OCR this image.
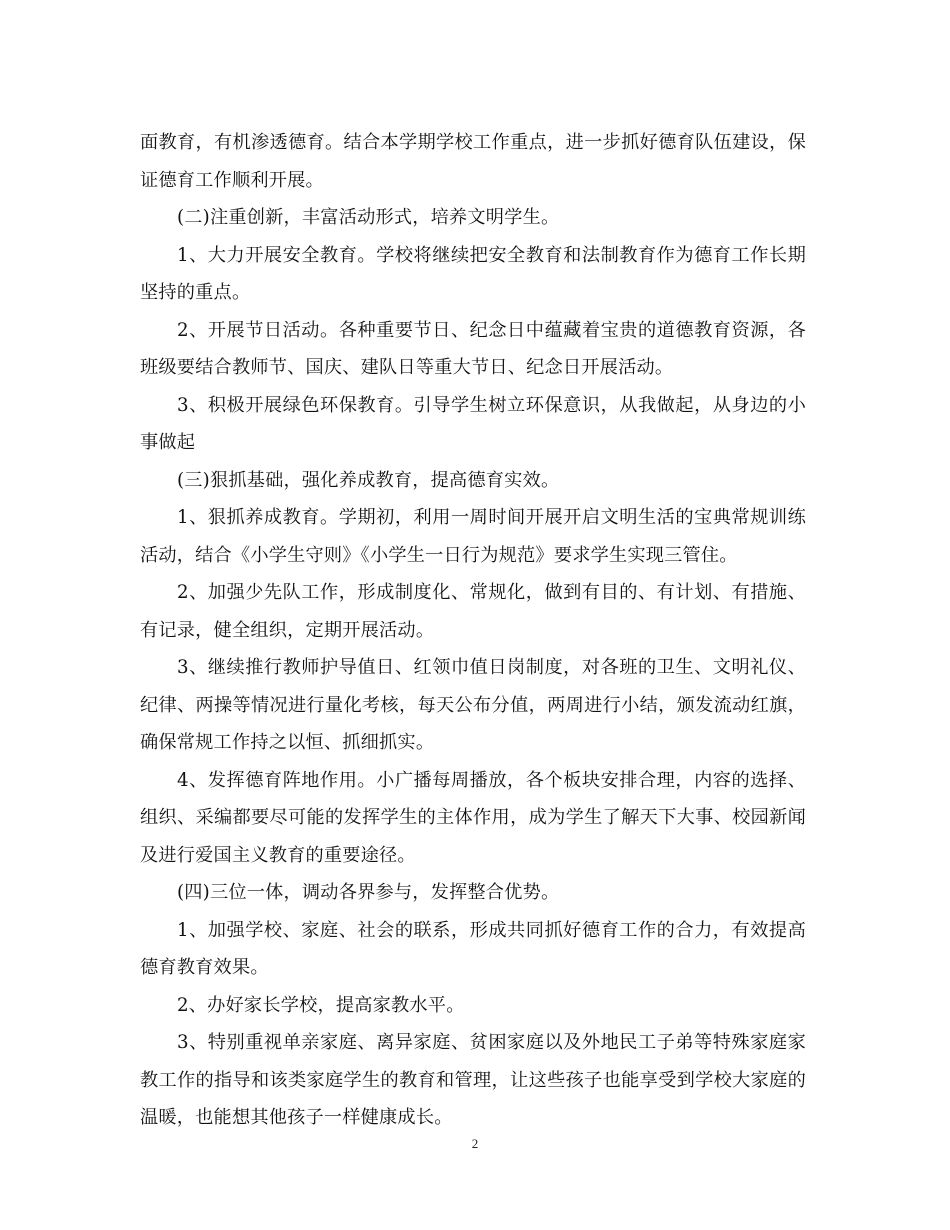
面教育，有机渗透德育。结合本学期学校工作重点，进一步抓好德育队伍建设，保证德育工作顺利开展。

(二)注重创新，丰富活动形式，培养文明学生。

1、大力开展安全教育。学校将继续把安全教育和法制教育作为德育工作长期坚持的重点。

2、开展节日活动。各种重要节日、纪念日中蕴藏着宝贵的道德教育资源，各班级要结合教师节、国庆、建队日等重大节日、纪念日开展活动。

3、积极开展绿色环保教育。引导学生树立环保意识，从我做起，从身边的小事做起

(三)狠抓基础，强化养成教育，提高德育实效。

1、狠抓养成教育。学期初，利用一周时间开展开启文明生活的宝典常规训练活动，结合《小学生守则》《小学生一日行为规范》要求学生实现三管住。

2、加强少先队工作，形成制度化、常规化，做到有目的、有计划、有措施、有记录，健全组织，定期开展活动。

3、继续推行教师护导值日、红领巾值日岗制度，对各班的卫生、文明礼仪、纪律、两操等情况进行量化考核，每天公布分值，两周进行小结，颁发流动红旗，确保常规工作持之以恒、抓细抓实。

4、发挥德育阵地作用。小广播每周播放，各个板块安排合理，内容的选择、组织、采编都要尽可能的发挥学生的主体作用，成为学生了解天下大事、校园新闻及进行爱国主义教育的重要途径。

(四)三位一体，调动各界参与，发挥整合优势。

1、加强学校、家庭、社会的联系，形成共同抓好德育工作的合力，有效提高德育教育效果。

2、办好家长学校，提高家教水平。

3、特别重视单亲家庭、离异家庭、贫困家庭以及外地民工子弟等特殊家庭家教工作的指导和该类家庭学生的教育和管理，让这些孩子也能享受到学校大家庭的温暖，也能想其他孩子一样健康成长。

2
